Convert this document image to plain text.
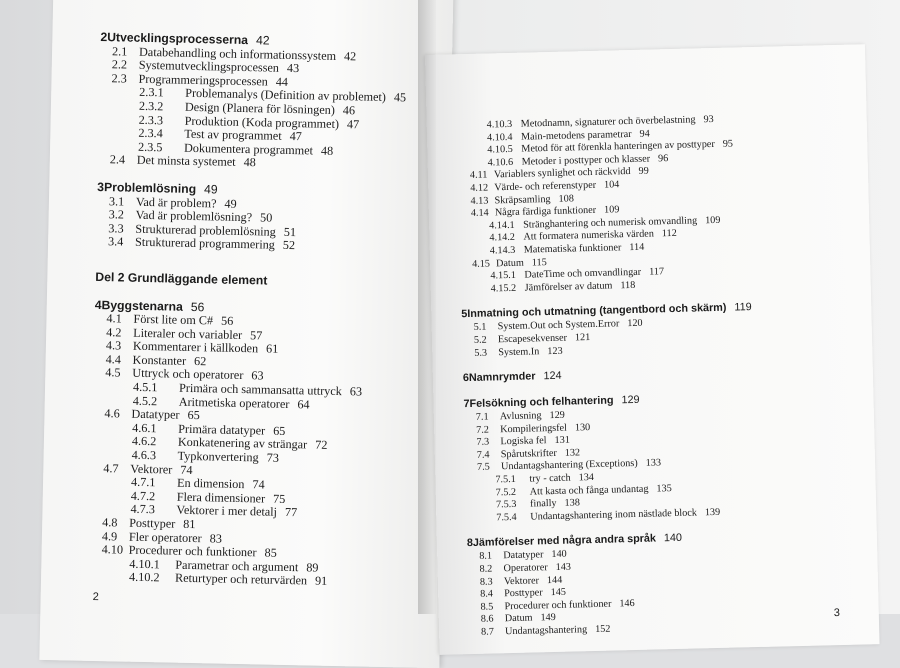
2Utvecklingsprocesserna 42
2.1 Databehandling och informationssystem 42
2.2 Systemutvecklingsprocessen 43
2.3 Programmeringsprocessen 44
2.3.1 Problemanalys (Definition av problemet) 45
2.3.2 Design (Planera för lösningen) 46
2.3.3 Produktion (Koda programmet) 47
2.3.4 Test av programmet 47
2.3.5 Dokumentera programmet 48
2.4 Det minsta systemet 48
3Problemlösning 49
3.1 Vad är problem? 49
3.2 Vad är problemlösning? 50
3.3 Strukturerad problemlösning 51
3.4 Strukturerad programmering 52
Del 2 Grundläggande element
4Byggstenarna 56
4.1 Först lite om C# 56
4.2 Literaler och variabler 57
4.3 Kommentarer i källkoden 61
4.4 Konstanter 62
4.5 Uttryck och operatorer 63
4.5.1 Primära och sammansatta uttryck 63
4.5.2 Aritmetiska operatorer 64
4.6 Datatyper 65
4.6.1 Primära datatyper 65
4.6.2 Konkatenering av strängar 72
4.6.3 Typkonvertering 73
4.7 Vektorer 74
4.7.1 En dimension 74
4.7.2 Flera dimensioner 75
4.7.3 Vektorer i mer detalj 77
4.8 Posttyper 81
4.9 Fler operatorer 83
4.10 Procedurer och funktioner 85
4.10.1 Parametrar och argument 89
4.10.2 Returtyper och returvärden 91
2
4.10.3 Metodnamn, signaturer och överbelastning 93
4.10.4 Main-metodens parametrar 94
4.10.5 Metod för att förenkla hanteringen av posttyper 95
4.10.6 Metoder i posttyper och klasser 96
4.11 Variablers synlighet och räckvidd 99
4.12 Värde- och referenstyper 104
4.13 Skräpsamling 108
4.14 Några färdiga funktioner 109
4.14.1 Stränghantering och numerisk omvandling 109
4.14.2 Att formatera numeriska värden 112
4.14.3 Matematiska funktioner 114
4.15 Datum 115
4.15.1 DateTime och omvandlingar 117
4.15.2 Jämförelser av datum 118
5Inmatning och utmatning (tangentbord och skärm) 119
5.1 System.Out och System.Error 120
5.2 Escapesekvenser 121
5.3 System.In 123
6Namnrymder 124
7Felsökning och felhantering 129
7.1 Avlusning 129
7.2 Kompileringsfel 130
7.3 Logiska fel 131
7.4 Spårutskrifter 132
7.5 Undantagshantering (Exceptions) 133
7.5.1 try - catch 134
7.5.2 Att kasta och fånga undantag 135
7.5.3 finally 138
7.5.4 Undantagshantering inom nästlade block 139
8Jämförelser med några andra språk 140
8.1 Datatyper 140
8.2 Operatorer 143
8.3 Vektorer 144
8.4 Posttyper 145
8.5 Procedurer och funktioner 146
8.6 Datum 149
8.7 Undantagshantering 152
3
